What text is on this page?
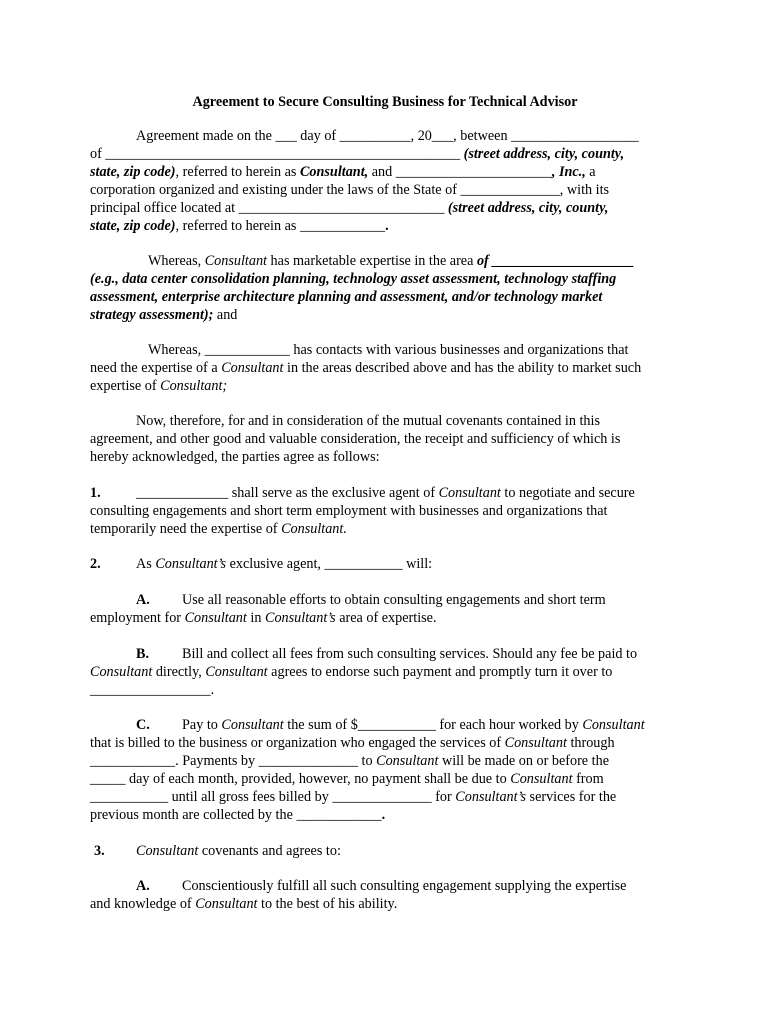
Agreement to Secure Consulting Business for Technical Advisor
Agreement made on the ___ day of __________, 20___, between __________________
of __________________________________________________ (street address, city, county,
state, zip code), referred to herein as Consultant, and ______________________, Inc., a
corporation organized and existing under the laws of the State of ______________, with its
principal office located at _____________________________ (street address, city, county,
state, zip code), referred to herein as ____________.
Whereas, Consultant has marketable expertise in the area of ____________________
(e.g., data center consolidation planning, technology asset assessment, technology staffing
assessment, enterprise architecture planning and assessment, and/or technology market
strategy assessment); and
Whereas, ____________ has contacts with various businesses and organizations that
need the expertise of a Consultant in the areas described above and has the ability to market such
expertise of Consultant;
Now, therefore, for and in consideration of the mutual covenants contained in this
agreement, and other good and valuable consideration, the receipt and sufficiency of which is
hereby acknowledged, the parties agree as follows:
1. _____________ shall serve as the exclusive agent of Consultant to negotiate and secure
consulting engagements and short term employment with businesses and organizations that
temporarily need the expertise of Consultant.
2. As Consultant’s exclusive agent, ___________ will:
A. Use all reasonable efforts to obtain consulting engagements and short term
employment for Consultant in Consultant’s area of expertise.
B. Bill and collect all fees from such consulting services. Should any fee be paid to
Consultant directly, Consultant agrees to endorse such payment and promptly turn it over to
_________________.
C. Pay to Consultant the sum of $___________ for each hour worked by Consultant
that is billed to the business or organization who engaged the services of Consultant through
____________. Payments by ______________ to Consultant will be made on or before the
_____ day of each month, provided, however, no payment shall be due to Consultant from
___________ until all gross fees billed by ______________ for Consultant’s services for the
previous month are collected by the ____________.
3. Consultant covenants and agrees to:
A. Conscientiously fulfill all such consulting engagement supplying the expertise
and knowledge of Consultant to the best of his ability.
